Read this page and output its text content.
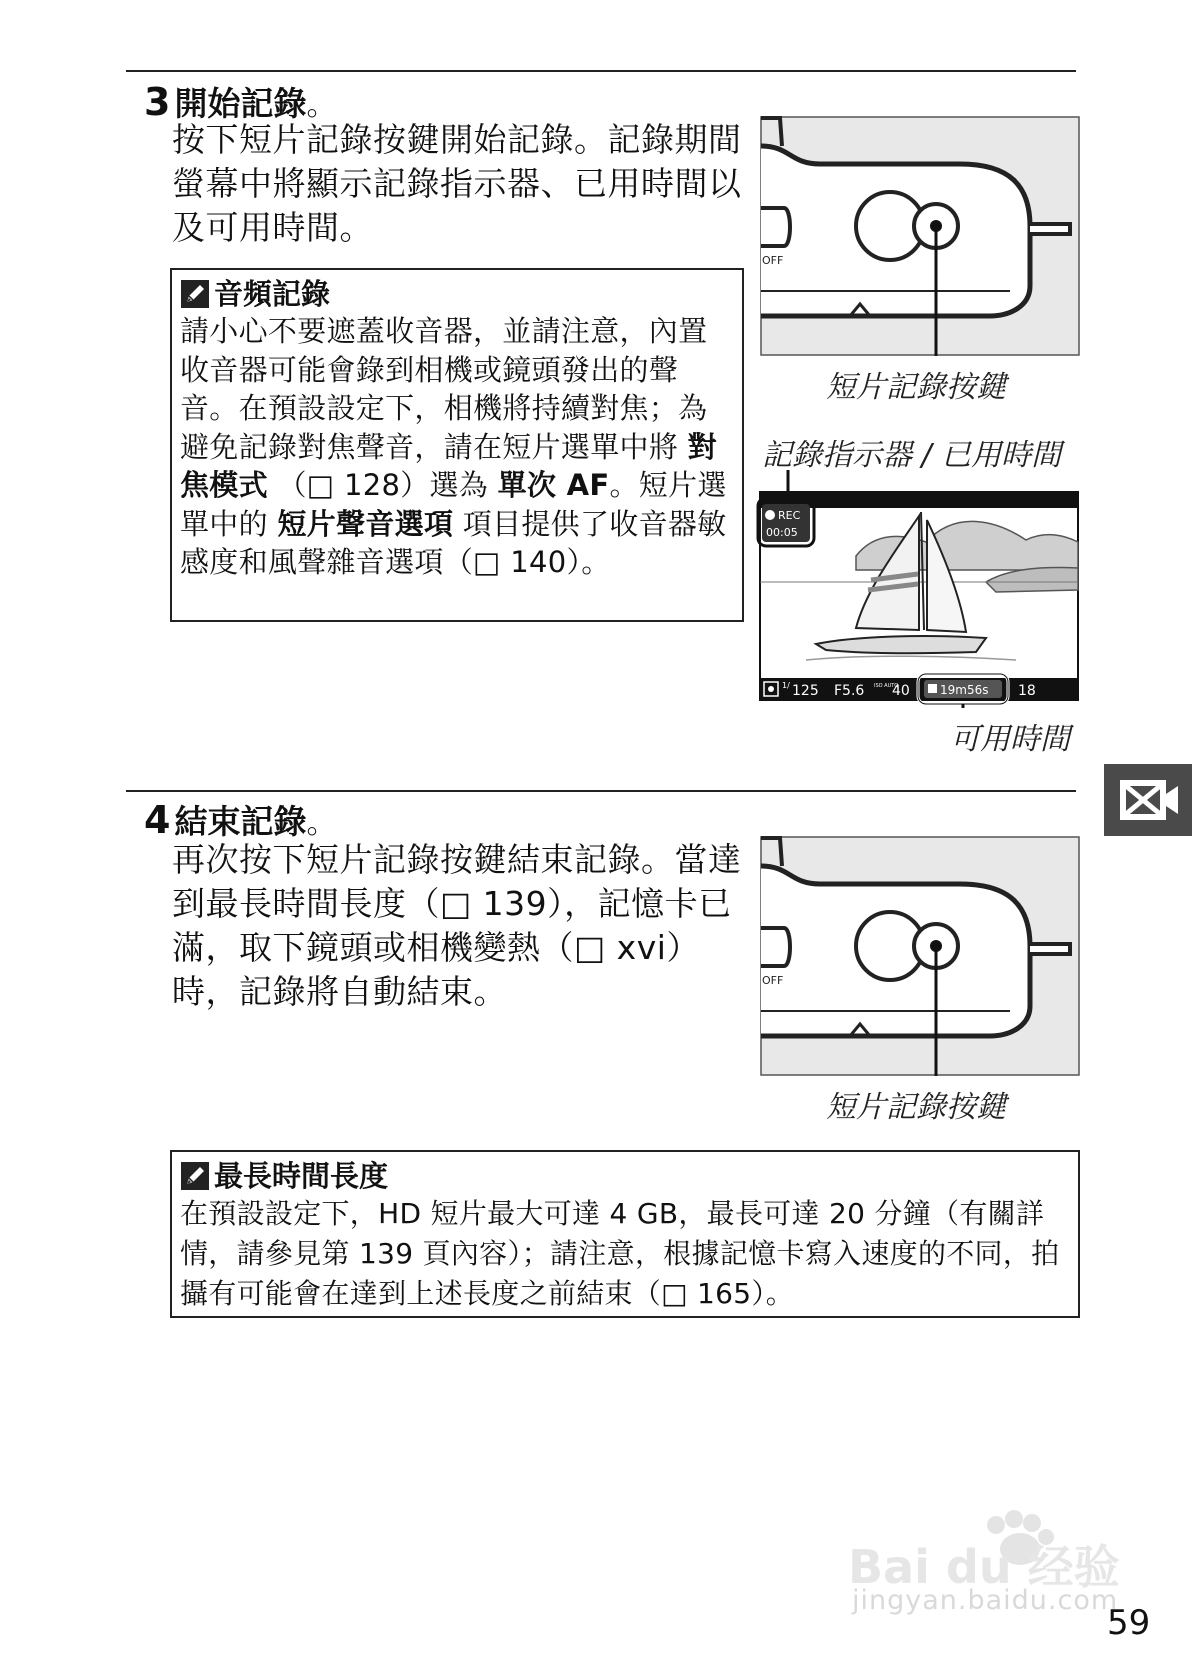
3 開始記錄。
按下短片記錄按鍵開始記錄。記錄期間螢幕中將顯示記錄指示器、已用時間以及可用時間。
音頻記錄
請小心不要遮蓋收音器，並請注意，內置收音器可能會錄到相機或鏡頭發出的聲音。在預設設定下，相機將持續對焦；為避免記錄對焦聲音，請在短片選單中將 對焦模式 （□ 128）選為 單次 AF。短片選單中的 短片聲音選項 項目提供了收音器敏感度和風聲雜音選項（□ 140）。
OFF
短片記錄按鍵
記錄指示器 / 已用時間
REC
00:05
1/ 125 F5.6 ISO AUTO
40	19m56s 18
可用時間
4 結束記錄。
再次按下短片記錄按鍵結束記錄。當達到最長時間長度（□ 139），記憶卡已滿，取下鏡頭或相機變熱（□ xvi）時，記錄將自動結束。	OFF
短片記錄按鍵
最長時間長度
在預設設定下，HD 短片最大可達 4 GB，最長可達 20 分鐘（有關詳情，請參見第 139 頁內容）；請注意，根據記憶卡寫入速度的不同，拍攝有可能會在達到上述長度之前結束（□ 165）。
Bai du 经验
jingyan.baidu.com
59
